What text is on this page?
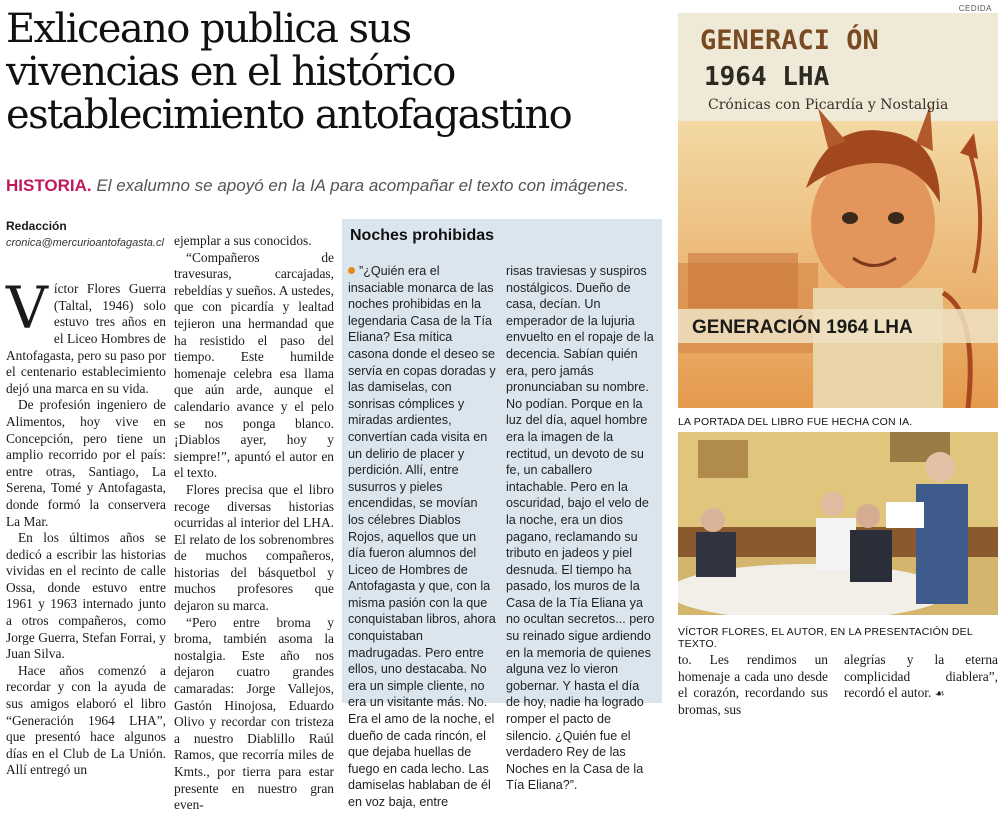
Exliceano publica sus
vivencias en el histórico
establecimiento antofagastino
HISTORIA. El exalumno se apoyó en la IA para acompañar el texto con imágenes.
Redacción
cronica@mercurioantofagasta.cl

Víctor Flores Guerra (Taltal, 1946) solo estuvo tres años en el Liceo Hombres de Antofagasta, pero su paso por el centenario establecimiento dejó una marca en su vida.

De profesión ingeniero de Alimentos, hoy vive en Concepción, pero tiene un amplio recorrido por el país: entre otras, Santiago, La Serena, Tomé y Antofagasta, donde formó la conservera La Mar.

En los últimos años se dedicó a escribir las historias vividas en el recinto de calle Ossa, donde estuvo entre 1961 y 1963 internado junto a otros compañeros, como Jorge Guerra, Stefan Forrai, y Juan Silva.

Hace años comenzó a recordar y con la ayuda de sus amigos elaboró el libro “Generación 1964 LHA”, que presentó hace algunos días en el Club de La Unión. Allí entregó un

ejemplar a sus conocidos.

“Compañeros de travesuras, carcajadas, rebeldías y sueños. A ustedes, que con picardía y lealtad tejieron una hermandad que ha resistido el paso del tiempo. Este humilde homenaje celebra esa llama que aún arde, aunque el calendario avance y el pelo se nos ponga blanco. ¡Diablos ayer, hoy y siempre!”, apuntó el autor en el texto.

Flores precisa que el libro recoge diversas historias ocurridas al interior del LHA. El relato de los sobrenombres de muchos compañeros, historias del básquetbol y muchos profesores que dejaron su marca.

“Pero entre broma y broma, también asoma la nostalgia. Este año nos dejaron cuatro grandes camaradas: Jorge Vallejos, Gastón Hinojosa, Eduardo Olivo y recordar con tristeza a nuestro Diablillo Raúl Ramos, que recorría miles de Kmts., por tierra para estar presente en nuestro gran even-

Noches prohibidas

”¿Quién era el insaciable monarca de las noches prohibidas en la legendaria Casa de la Tía Eliana? Esa mítica casona donde el deseo se servía en copas doradas y las damiselas, con sonrisas cómplices y miradas ardientes, convertían cada visita en un delirio de placer y perdición. Allí, entre susurros y pieles encendidas, se movían los célebres Diablos Rojos, aquellos que un día fueron alumnos del Liceo de Hombres de Antofagasta y que, con la misma pasión con la que conquistaban libros, ahora conquistaban madrugadas. Pero entre ellos, uno destacaba. No era un simple cliente, no era un visitante más. No. Era el amo de la noche, el dueño de cada rincón, el que dejaba huellas de fuego en cada lecho. Las damiselas hablaban de él en voz baja, entre

risas traviesas y suspiros nostálgicos. Dueño de casa, decían. Un emperador de la lujuria envuelto en el ropaje de la decencia. Sabían quién era, pero jamás pronunciaban su nombre. No podían. Porque en la luz del día, aquel hombre era la imagen de la rectitud, un devoto de su fe, un caballero intachable. Pero en la oscuridad, bajo el velo de la noche, era un dios pagano, reclamando su tributo en jadeos y piel desnuda. El tiempo ha pasado, los muros de la Casa de la Tía Eliana ya no ocultan secretos... pero su reinado sigue ardiendo en la memoria de quienes alguna vez lo vieron gobernar. Y hasta el día de hoy, nadie ha logrado romper el pacto de silencio. ¿Quién fue el verdadero Rey de las Noches en la Casa de la Tía Eliana?”.

CEDIDA
GENERACI ÓN
1964 LHA
Crónicas con Picardía y Nostalgia
GENERACIÓN 1964 LHA
LA PORTADA DEL LIBRO FUE HECHA CON IA.
VÍCTOR FLORES, EL AUTOR, EN LA PRESENTACIÓN DEL TEXTO.
to. Les rendimos un homenaje a cada uno desde el corazón, recordando sus bromas, sus
alegrías y la eterna complicidad diablera”, recordó el autor. ☙
